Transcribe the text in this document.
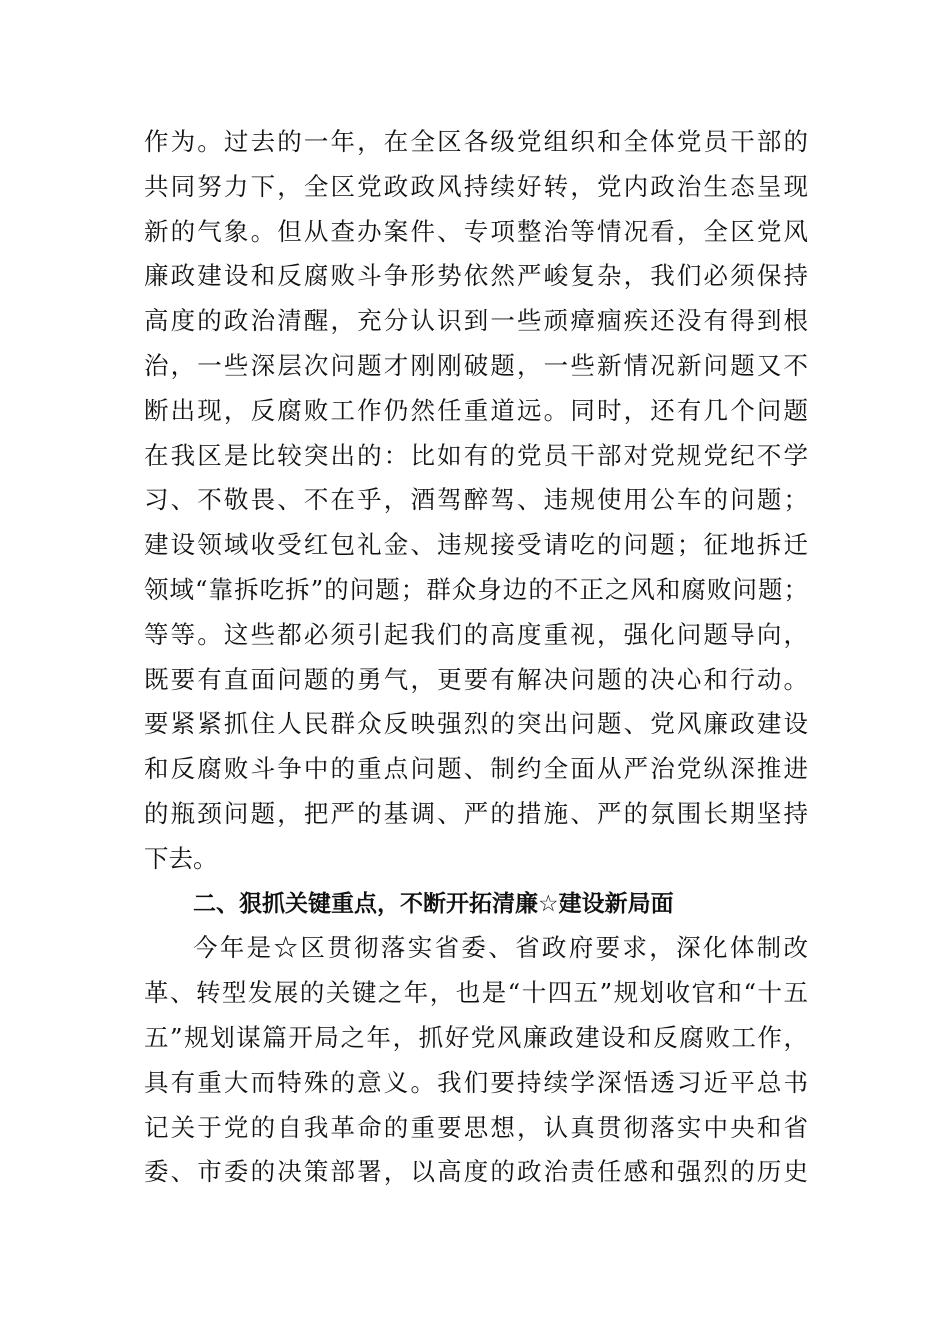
作为。过去的一年，在全区各级党组织和全体党员干部的
共同努力下，全区党政政风持续好转，党内政治生态呈现
新的气象。但从查办案件、专项整治等情况看，全区党风
廉政建设和反腐败斗争形势依然严峻复杂，我们必须保持
高度的政治清醒，充分认识到一些顽瘴痼疾还没有得到根
治，一些深层次问题才刚刚破题，一些新情况新问题又不
断出现，反腐败工作仍然任重道远。同时，还有几个问题
在我区是比较突出的：比如有的党员干部对党规党纪不学
习、不敬畏、不在乎，酒驾醉驾、违规使用公车的问题；
建设领域收受红包礼金、违规接受请吃的问题；征地拆迁
领域“靠拆吃拆”的问题；群众身边的不正之风和腐败问题；
等等。这些都必须引起我们的高度重视，强化问题导向，
既要有直面问题的勇气，更要有解决问题的决心和行动。
要紧紧抓住人民群众反映强烈的突出问题、党风廉政建设
和反腐败斗争中的重点问题、制约全面从严治党纵深推进
的瓶颈问题，把严的基调、严的措施、严的氛围长期坚持
下去。
二、狠抓关键重点，不断开拓清廉☆建设新局面
今年是☆区贯彻落实省委、省政府要求，深化体制改
革、转型发展的关键之年，也是“十四五”规划收官和“十五
五”规划谋篇开局之年，抓好党风廉政建设和反腐败工作，
具有重大而特殊的意义。我们要持续学深悟透习近平总书
记关于党的自我革命的重要思想，认真贯彻落实中央和省
委、市委的决策部署，以高度的政治责任感和强烈的历史
